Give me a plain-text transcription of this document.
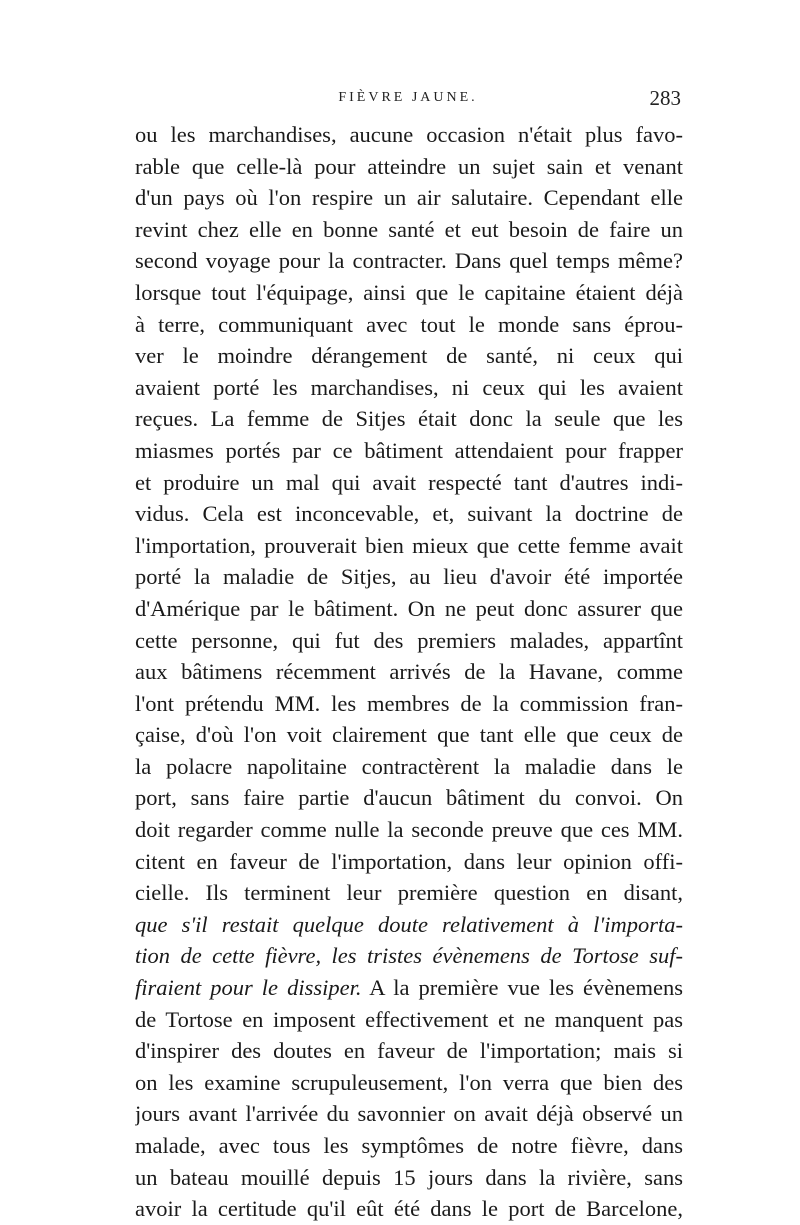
FIÈVRE JAUNE.	283
ou les marchandises, aucune occasion n'était plus favo-
rable que celle-là pour atteindre un sujet sain et venant
d'un pays où l'on respire un air salutaire. Cependant elle
revint chez elle en bonne santé et eut besoin de faire un
second voyage pour la contracter. Dans quel temps même?
lorsque tout l'équipage, ainsi que le capitaine étaient déjà
à terre, communiquant avec tout le monde sans éprou-
ver le moindre dérangement de santé, ni ceux qui
avaient porté les marchandises, ni ceux qui les avaient
reçues. La femme de Sitjes était donc la seule que les
miasmes portés par ce bâtiment attendaient pour frapper
et produire un mal qui avait respecté tant d'autres indi-
vidus. Cela est inconcevable, et, suivant la doctrine de
l'importation, prouverait bien mieux que cette femme avait
porté la maladie de Sitjes, au lieu d'avoir été importée
d'Amérique par le bâtiment. On ne peut donc assurer que
cette personne, qui fut des premiers malades, appartînt
aux bâtimens récemment arrivés de la Havane, comme
l'ont prétendu MM. les membres de la commission fran-
çaise, d'où l'on voit clairement que tant elle que ceux de
la polacre napolitaine contractèrent la maladie dans le
port, sans faire partie d'aucun bâtiment du convoi. On
doit regarder comme nulle la seconde preuve que ces MM.
citent en faveur de l'importation, dans leur opinion offi-
cielle. Ils terminent leur première question en disant,
que s'il restait quelque doute relativement à l'importa-
tion de cette fièvre, les tristes évènemens de Tortose suf-
firaient pour le dissiper. A la première vue les évènemens
de Tortose en imposent effectivement et ne manquent pas
d'inspirer des doutes en faveur de l'importation; mais si
on les examine scrupuleusement, l'on verra que bien des
jours avant l'arrivée du savonnier on avait déjà observé un
malade, avec tous les symptômes de notre fièvre, dans
un bateau mouillé depuis 15 jours dans la rivière, sans
avoir la certitude qu'il eût été dans le port de Barcelone,
